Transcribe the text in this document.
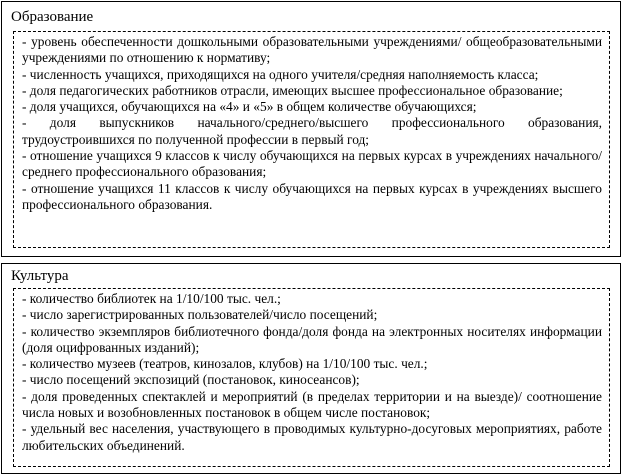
Образование

- уровень обеспеченности дошкольными образовательными учреждениями/ общеобразовательными учреждениями по отношению к нормативу;

- численность учащихся, приходящихся на одного учителя/средняя наполняемость класса;

- доля педагогических работников отрасли, имеющих высшее профессиональное образование;

- доля учащихся, обучающихся на «4» и «5» в общем количестве обучающихся;

- доля выпускников начального/среднего/высшего профессионального образования, трудоустроившихся по полученной профессии в первый год;

- отношение учащихся 9 классов к числу обучающихся на первых курсах в учреждениях начального/среднего профессионального образования;

- отношение учащихся 11 классов к числу обучающихся на первых курсах в учреждениях высшего профессионального образования.

Культура

- количество библиотек на 1/10/100 тыс. чел.;

- число зарегистрированных пользователей/число посещений;

- количество экземпляров библиотечного фонда/доля фонда на электронных носителях информации (доля оцифрованных изданий);

- количество музеев (театров, кинозалов, клубов) на 1/10/100 тыс. чел.;

- число посещений экспозиций (постановок, киносеансов);

- доля проведенных спектаклей и мероприятий (в пределах территории и на выезде)/ соотношение числа новых и возобновленных постановок в общем числе постановок;

- удельный вес населения, участвующего в проводимых культурно-досуговых мероприятиях, работе любительских объединений.
